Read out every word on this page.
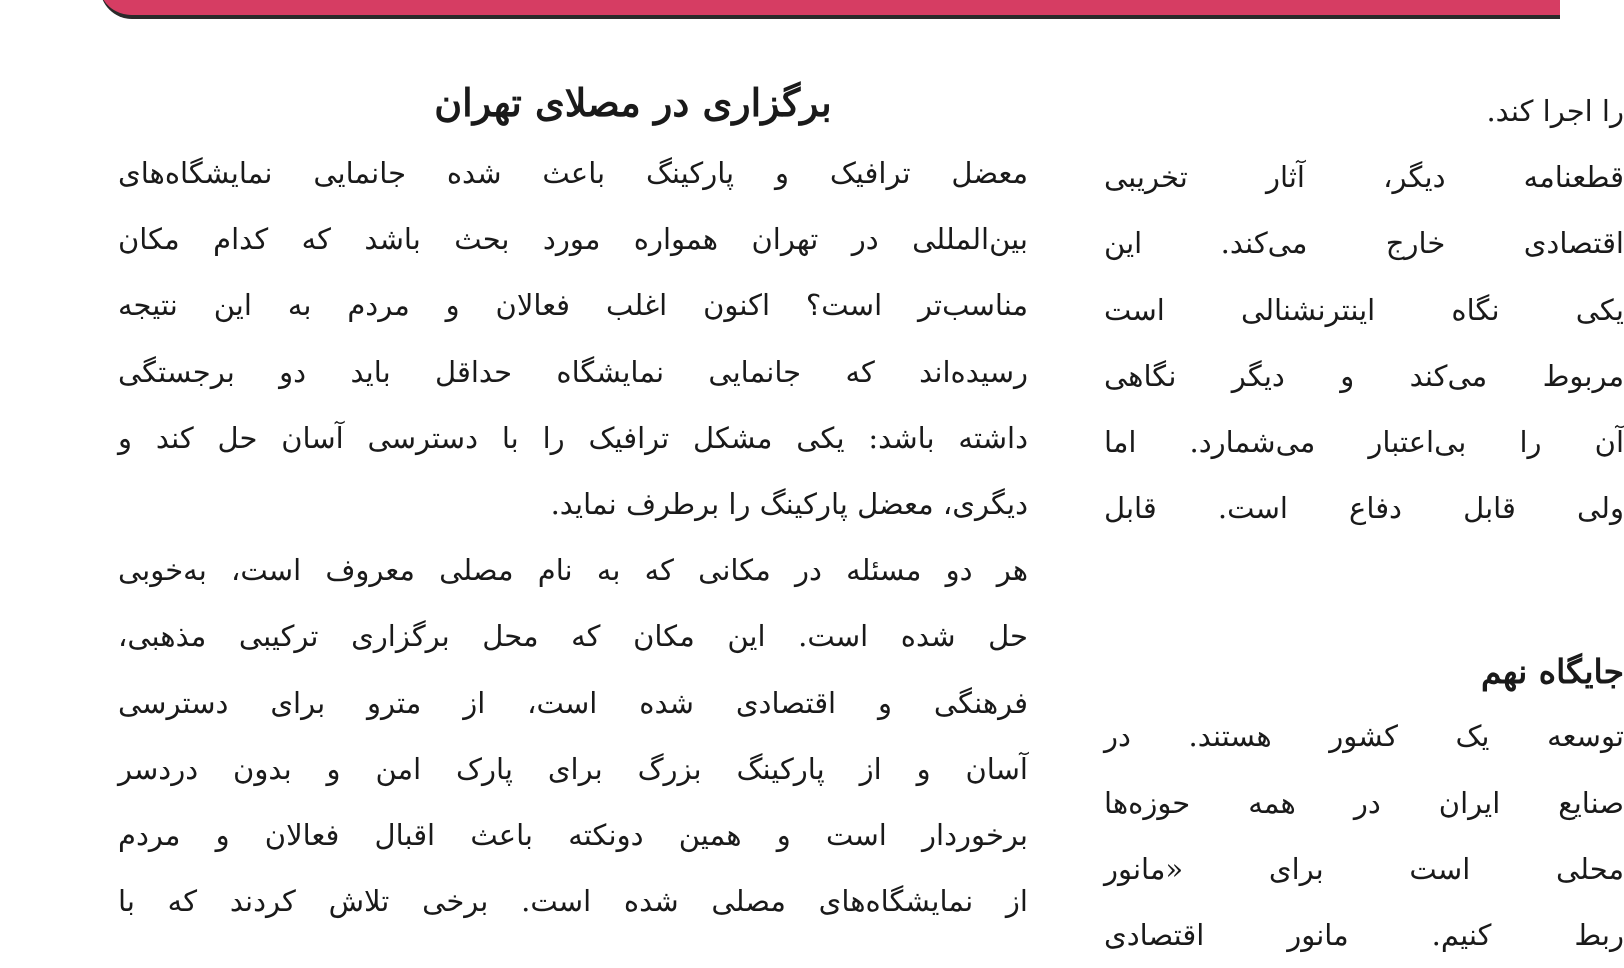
برگزاری در مصلای تهران
معضل ترافیک و پارکینگ باعث شده جانمایی نمایشگاه‌های
بین‌المللی در تهران همواره مورد بحث باشد که کدام مکان
مناسب‌تر است؟ اکنون اغلب فعالان و مردم به این نتیجه
رسیده‌اند که جانمایی نمایشگاه حداقل باید دو برجستگی
داشته باشد: یکی مشکل ترافیک را با دسترسی آسان حل کند و
دیگری، معضل پارکینگ را برطرف نماید.
هر دو مسئله در مکانی که به نام مصلی معروف است، به‌خوبی
حل شده است. این مکان که محل برگزاری ترکیبی مذهبی،
فرهنگی و اقتصادی شده است، از مترو برای دسترسی
آسان و از پارکینگ بزرگ برای پارک امن و بدون دردسر
برخوردار است و همین دونکته باعث اقبال فعالان و مردم
از نمایشگاه‌های مصلی شده است. برخی تلاش کردند که با
را اجرا کند.
قطعنامه دیگر، آثار تخریبی
اقتصادی خارج می‌کند. این
یکی نگاه اینترنشنالی است
مربوط می‌کند و دیگر نگاهی
آن را بی‌اعتبار می‌شمارد. اما
ولی قابل دفاع است. قابل
جایگاه نهم
توسعه یک کشور هستند. در
صنایع ایران در همه حوزه‌ها
محلی است برای «مانور
ربط کنیم. مانور اقتصادی
